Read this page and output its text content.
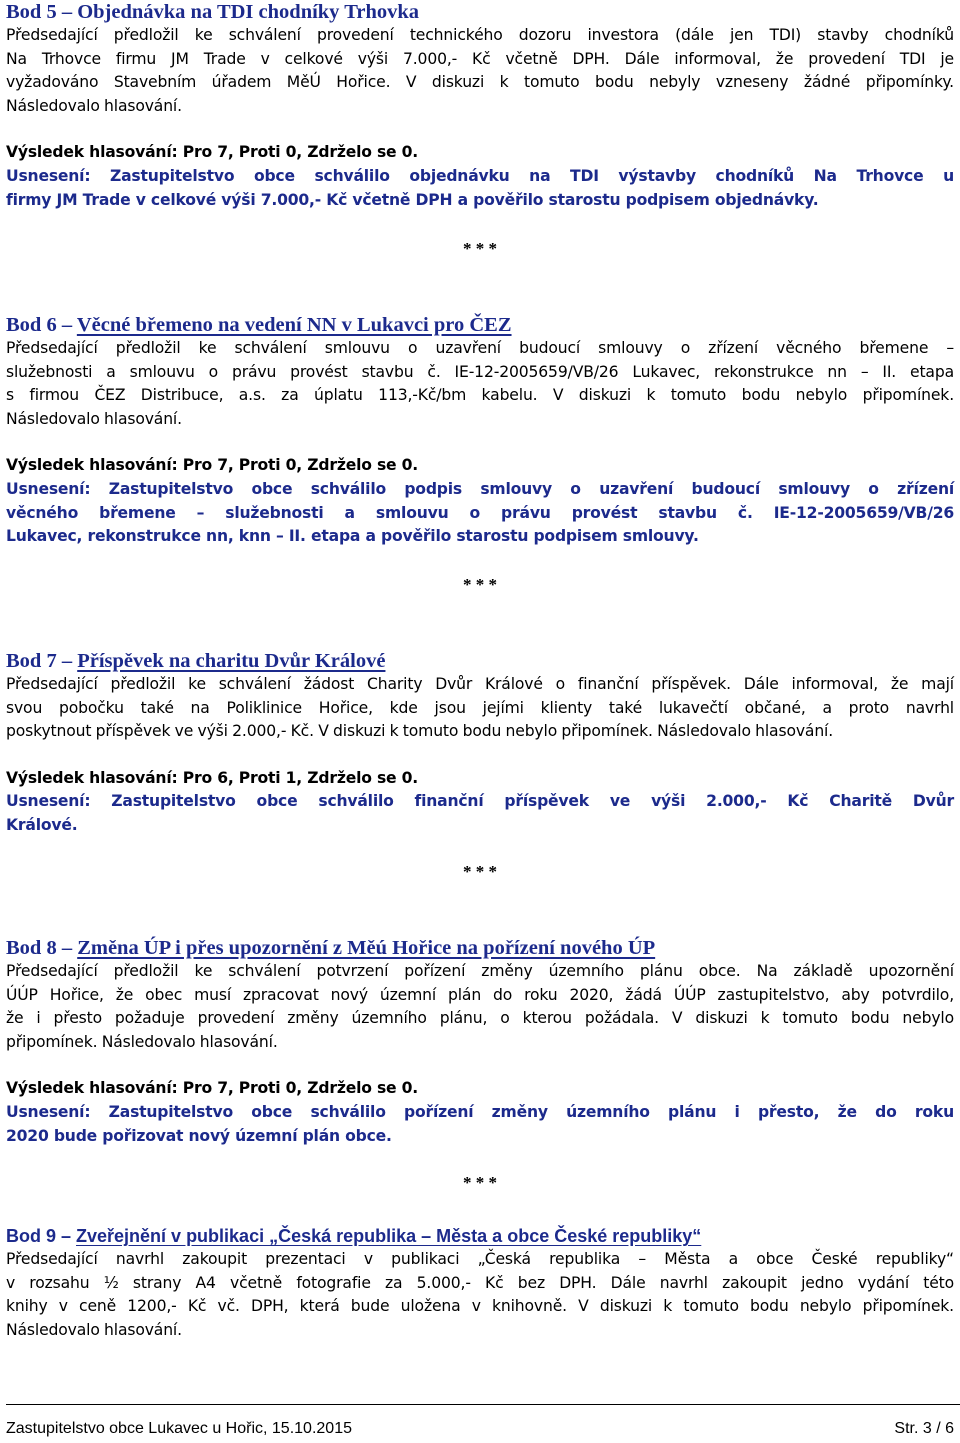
Bod 5 – Objednávka na TDI chodníky Trhovka

Předsedající předložil ke schválení provedení technického dozoru investora (dále jen TDI) stavby chodníků
Na Trhovce firmu JM Trade v celkové výši 7.000,- Kč včetně DPH. Dále informoval, že provedení TDI je
vyžadováno Stavebním úřadem MěÚ Hořice. V diskuzi k tomuto bodu nebyly vzneseny žádné připomínky.
Následovalo hlasování.

Výsledek hlasování: Pro 7, Proti 0, Zdrželo se 0.

Usnesení: Zastupitelstvo obce schválilo objednávku na TDI výstavby chodníků Na Trhovce u
firmy JM Trade v celkové výši 7.000,- Kč včetně DPH a pověřilo starostu podpisem objednávky.

* * *
Bod 6 – Věcné břemeno na vedení NN v Lukavci pro ČEZ

Předsedající předložil ke schválení smlouvu o uzavření budoucí smlouvy o zřízení věcného břemene –
služebnosti a smlouvu o právu provést stavbu č. IE-12-2005659/VB/26 Lukavec, rekonstrukce nn – II. etapa
s firmou ČEZ Distribuce, a.s. za úplatu 113,-Kč/bm kabelu. V diskuzi k tomuto bodu nebylo připomínek.
Následovalo hlasování.

Výsledek hlasování: Pro 7, Proti 0, Zdrželo se 0.

Usnesení: Zastupitelstvo obce schválilo podpis smlouvy o uzavření budoucí smlouvy o zřízení
věcného břemene – služebnosti a smlouvu o právu provést stavbu č. IE-12-2005659/VB/26
Lukavec, rekonstrukce nn, knn – II. etapa a pověřilo starostu podpisem smlouvy.

* * *
Bod 7 – Příspěvek na charitu Dvůr Králové

Předsedající předložil ke schválení žádost Charity Dvůr Králové o finanční příspěvek. Dále informoval, že mají
svou pobočku také na Poliklinice Hořice, kde jsou jejími klienty také lukavečtí občané, a proto navrhl
poskytnout příspěvek ve výši 2.000,- Kč. V diskuzi k tomuto bodu nebylo připomínek. Následovalo hlasování.

Výsledek hlasování: Pro 6, Proti 1, Zdrželo se 0.

Usnesení: Zastupitelstvo obce schválilo finanční příspěvek ve výši 2.000,- Kč Charitě Dvůr
Králové.

* * *
Bod 8 – Změna ÚP i přes upozornění z Měú Hořice na pořízení nového ÚP

Předsedající předložil ke schválení potvrzení pořízení změny územního plánu obce. Na základě upozornění
ÚÚP Hořice, že obec musí zpracovat nový územní plán do roku 2020, žádá ÚÚP zastupitelstvo, aby potvrdilo,
že i přesto požaduje provedení změny územního plánu, o kterou požádala. V diskuzi k tomuto bodu nebylo
připomínek. Následovalo hlasování.

Výsledek hlasování: Pro 7, Proti 0, Zdrželo se 0.

Usnesení: Zastupitelstvo obce schválilo pořízení změny územního plánu i přesto, že do roku
2020 bude pořizovat nový územní plán obce.

* * *
Bod 9 – Zveřejnění v publikaci „Česká republika – Města a obce České republiky“

Předsedající navrhl zakoupit prezentaci v publikaci „Česká republika – Města a obce České republiky“
v rozsahu ½ strany A4 včetně fotografie za 5.000,- Kč bez DPH. Dále navrhl zakoupit jedno vydání této
knihy v ceně 1200,- Kč vč. DPH, která bude uložena v knihovně. V diskuzi k tomuto bodu nebylo připomínek.
Následovalo hlasování.

Zastupitelstvo obce Lukavec u Hořic, 15.10.2015	Str. 3 / 6
